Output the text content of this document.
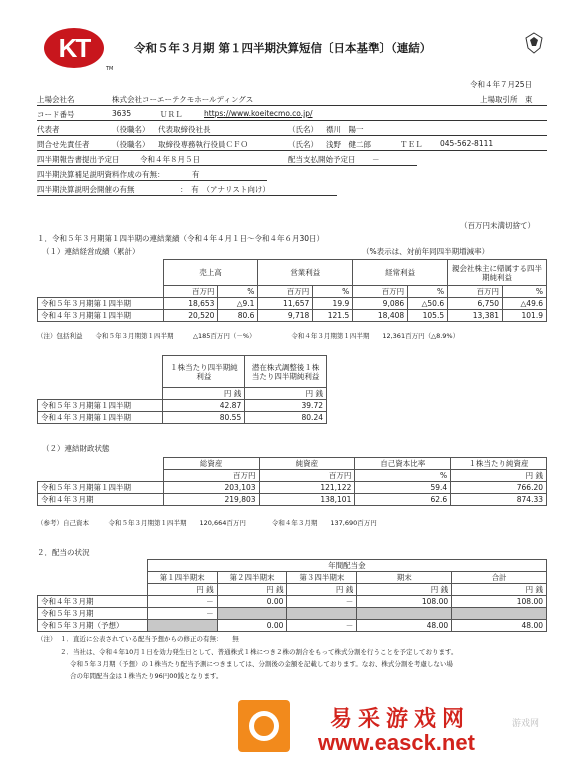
KT
TM
令和５年３月期 第１四半期決算短信〔日本基準〕（連結）
令和４年７月25日
上場会社名	株式会社コーエーテクモホールディングス	上場取引所　東
コード番号	3635	ＵＲＬ	https://www.koeitecmo.co.jp/
代表者	（役職名） 代表取締役社長	（氏名） 襟川　陽一
問合せ先責任者	（役職名） 取締役専務執行役員ＣＦＯ	（氏名） 浅野　健二郎	ＴＥＬ 045-562-8111
四半期報告書提出予定日	令和４年８月５日	配当支払開始予定日 －
四半期決算補足説明資料作成の有無：	有
四半期決算説明会開催の有無	：　有　（アナリスト向け）
（百万円未満切捨て）
１．令和５年３月期第１四半期の連結業績（令和４年４月１日～令和４年６月30日）
（１）連結経営成績（累計）	（%表示は、対前年同四半期増減率）
	売上高		営業利益		経常利益		親会社株主に帰属する四半期純利益	
	百万円	%	百万円	%	百万円	%	百万円	%
令和５年３月期第１四半期	18,653	△9.1	11,657	19.9	9,086	△50.6	6,750	△49.6
令和４年３月期第１四半期	20,520	80.6	9,718	121.5	18,408	105.5	13,381	101.9
（注）包括利益　　令和５年３月期第１四半期　　　△185百万円（－%）　　　　　　令和４年３月期第１四半期　　12,361百万円（△8.9%）
	１株当たり四半期純利益	潜在株式調整後１株当たり四半期純利益
	円 銭	円 銭
令和５年３月期第１四半期	42.87	39.72
令和４年３月期第１四半期	80.55	80.24
（２）連結財政状態
	総資産	純資産	自己資本比率	１株当たり純資産
	百万円	百万円	%	円 銭
令和５年３月期第１四半期	203,103	121,122	59.4	766.20
令和４年３月期	219,803	138,101	62.6	874.33
（参考）自己資本　　　令和５年３月期第１四半期　　120,664百万円　　　　令和４年３月期　　137,690百万円
２．配当の状況
	年間配当金				
	第１四半期末	第２四半期末	第３四半期末	期末	合計
	円 銭	円 銭	円 銭	円 銭	円 銭
令和４年３月期	－	0.00	－	108.00	108.00
令和５年３月期	－				
令和５年３月期（予想）		0.00	－	48.00	48.00
（注） １．直近に公表されている配当予想からの修正の有無：　　無
２．当社は、令和４年10月１日を効力発生日として、普通株式１株につき２株の割合をもって株式分割を行うことを予定しております。
令和５年３月期（予想）の１株当たり配当予測につきましては、分割後の金額を記載しております。なお、株式分割を考慮しない場
合の年間配当金は１株当たり96円00銭となります。
易采游戏网
www.easck.net
游戏网
